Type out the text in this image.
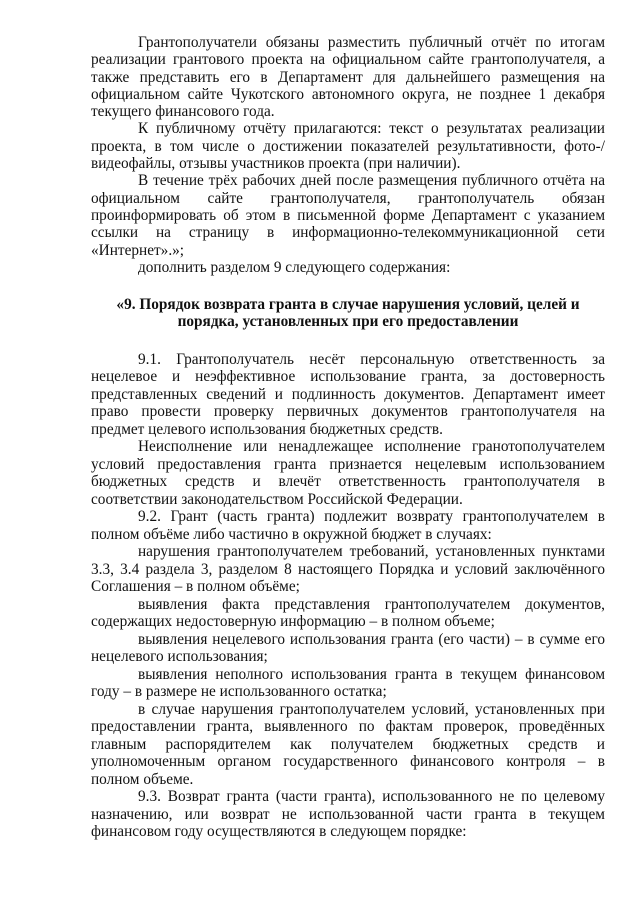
Грантополучатели обязаны разместить публичный отчёт по итогам реализации грантового проекта на официальном сайте грантополучателя, а также представить его в Департамент для дальнейшего размещения на официальном сайте Чукотского автономного округа, не позднее 1 декабря текущего финансового года.

К публичному отчёту прилагаются: текст о результатах реализации проекта, в том числе о достижении показателей результативности, фото-/видеофайлы, отзывы участников проекта (при наличии).

В течение трёх рабочих дней после размещения публичного отчёта на официальном сайте грантополучателя, грантополучатель обязан проинформировать об этом в письменной форме Департамент с указанием ссылки на страницу в информационно-телекоммуникационной сети «Интернет».»;

дополнить разделом 9 следующего содержания:

«9. Порядок возврата гранта в случае нарушения условий, целей и порядка, установленных при его предоставлении

9.1. Грантополучатель несёт персональную ответственность за нецелевое и неэффективное использование гранта, за достоверность представленных сведений и подлинность документов. Департамент имеет право провести проверку первичных документов грантополучателя на предмет целевого использования бюджетных средств.

Неисполнение или ненадлежащее исполнение гранотополучателем условий предоставления гранта признается нецелевым использованием бюджетных средств и влечёт ответственность грантополучателя в соответствии законодательством Российской Федерации.

9.2. Грант (часть гранта) подлежит возврату грантополучателем в полном объёме либо частично в окружной бюджет в случаях:

нарушения грантополучателем требований, установленных пунктами 3.3, 3.4 раздела 3, разделом 8 настоящего Порядка и условий заключённого Соглашения – в полном объёме;

выявления факта представления грантополучателем документов, содержащих недостоверную информацию – в полном объеме;

выявления нецелевого использования гранта (его части) – в сумме его нецелевого использования;

выявления неполного использования гранта в текущем финансовом году – в размере не использованного остатка;

в случае нарушения грантополучателем условий, установленных при предоставлении гранта, выявленного по фактам проверок, проведённых главным распорядителем как получателем бюджетных средств и уполномоченным органом государственного финансового контроля – в полном объеме.

9.3. Возврат гранта (части гранта), использованного не по целевому назначению, или возврат не использованной части гранта в текущем финансовом году осуществляются в следующем порядке:
